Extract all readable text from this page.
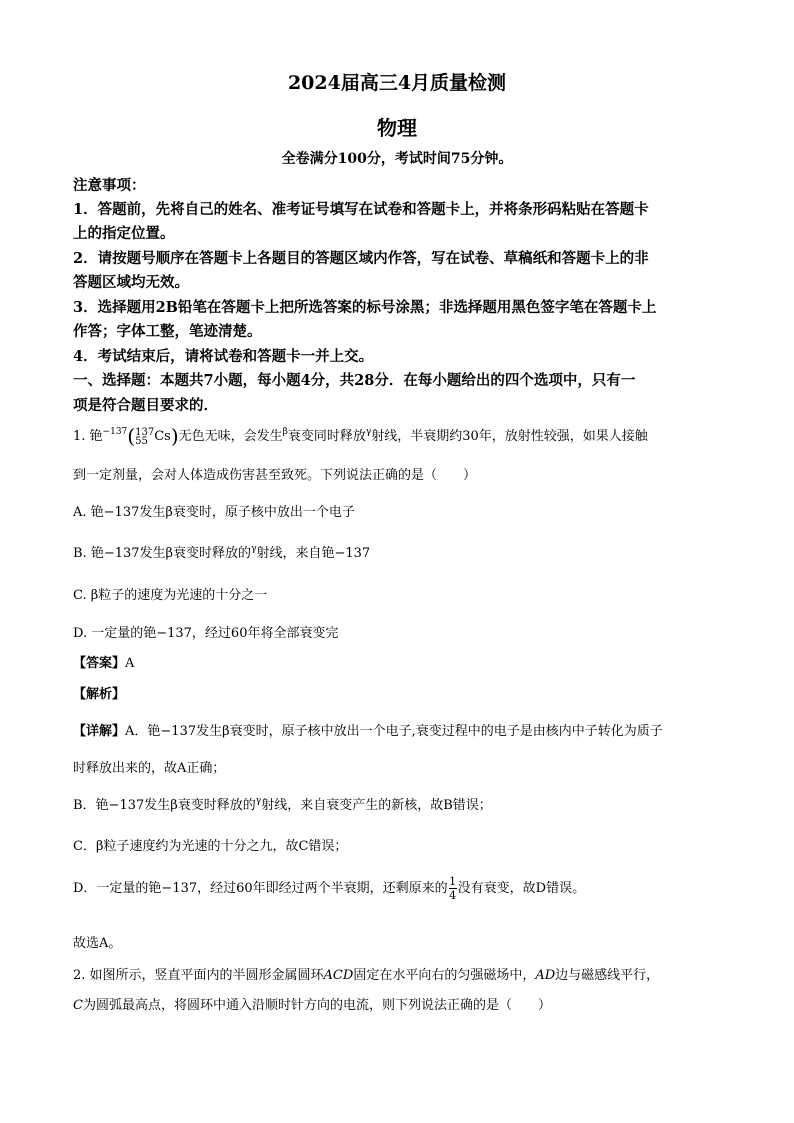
2024届高三4月质量检测
物理
全卷满分100分，考试时间75分钟。
注意事项：
1．答题前，先将自己的姓名、准考证号填写在试卷和答题卡上，并将条形码粘贴在答题卡
上的指定位置。
2．请按题号顺序在答题卡上各题目的答题区域内作答，写在试卷、草稿纸和答题卡上的非
答题区域均无效。
3．选择题用2B铅笔在答题卡上把所选答案的标号涂黑；非选择题用黑色签字笔在答题卡上
作答；字体工整，笔迹清楚。
4．考试结束后，请将试卷和答题卡一并上交。
一、选择题：本题共7小题，每小题4分，共28分．在每小题给出的四个选项中，只有一
项是符合题目要求的．
1. 铯$^{-137}$( 137
55 Cs)无色无味，会发生$^\beta$衰变同时释放$^\gamma$射线，半衰期约30年，放射性较强，如果人接触
到一定剂量，会对人体造成伤害甚至致死。下列说法正确的是（　　）
A. 铯−137发生β衰变时，原子核中放出一个电子
B. 铯−137发生β衰变时释放的$^\gamma$射线，来自铯−137
C. β粒子的速度为光速的十分之一
D. 一定量的铯−137，经过60年将全部衰变完
【答案】A
【解析】
【详解】A．铯−137发生β衰变时，原子核中放出一个电子,衰变过程中的电子是由核内中子转化为质子
时释放出来的，故A正确；
B．铯−137发生β衰变时释放的$^\gamma$射线，来自衰变产生的新核，故B错误；
C．β粒子速度约为光速的十分之九，故C错误；
D．一定量的铯−137，经过60年即经过两个半衰期，还剩原来的 $\frac{1}{4}$ 没有衰变，故D错误。
故选A。
2. 如图所示，竖直平面内的半圆形金属圆环ACD固定在水平向右的匀强磁场中，AD边与磁感线平行，
C为圆弧最高点，将圆环中通入沿顺时针方向的电流，则下列说法正确的是（　　）
